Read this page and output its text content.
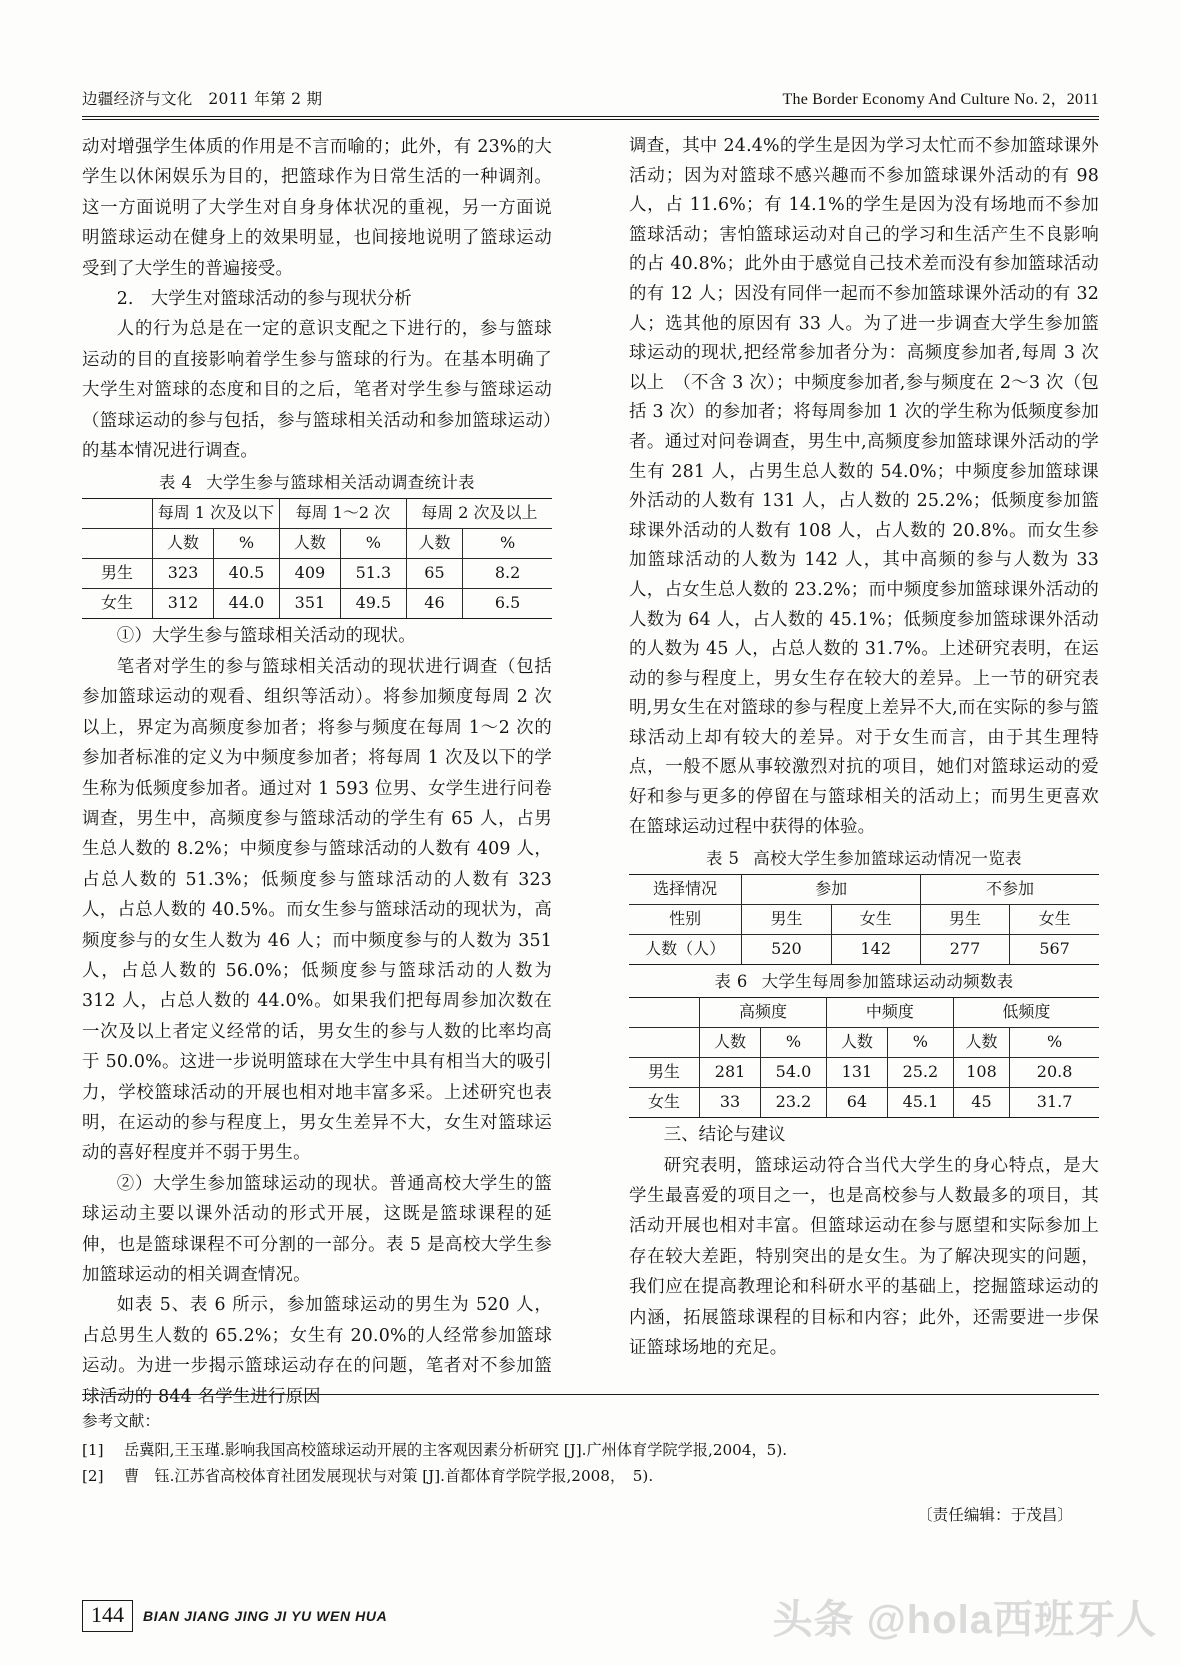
边疆经济与文化　2011 年第 2 期	The Border Economy And Culture No. 2，2011

动对增强学生体质的作用是不言而喻的；此外，有 23%的大学生以休闲娱乐为目的，把篮球作为日常生活的一种调剂。这一方面说明了大学生对自身身体状况的重视，另一方面说明篮球运动在健身上的效果明显，也间接地说明了篮球运动受到了大学生的普遍接受。

2.　大学生对篮球活动的参与现状分析

人的行为总是在一定的意识支配之下进行的，参与篮球运动的目的直接影响着学生参与篮球的行为。在基本明确了大学生对篮球的态度和目的之后，笔者对学生参与篮球运动（篮球运动的参与包括，参与篮球相关活动和参加篮球运动）的基本情况进行调查。

表 4 大学生参与篮球相关活动调查统计表
	每周 1 次及以下		每周 1～2 次		每周 2 次及以上	
	人数	%	人数	%	人数	%
男生	323	40.5	409	51.3	65	8.2
女生	312	44.0	351	49.5	46	6.5

①）大学生参与篮球相关活动的现状。

笔者对学生的参与篮球相关活动的现状进行调查（包括参加篮球运动的观看、组织等活动）。将参加频度每周 2 次以上，界定为高频度参加者；将参与频度在每周 1～2 次的参加者标准的定义为中频度参加者；将每周 1 次及以下的学生称为低频度参加者。通过对 1 593 位男、女学生进行问卷调查，男生中，高频度参与篮球活动的学生有 65 人，占男生总人数的 8.2%；中频度参与篮球活动的人数有 409 人，占总人数的 51.3%；低频度参与篮球活动的人数有 323 人，占总人数的 40.5%。而女生参与篮球活动的现状为，高频度参与的女生人数为 46 人；而中频度参与的人数为 351 人，占总人数的 56.0%；低频度参与篮球活动的人数为 312 人，占总人数的 44.0%。如果我们把每周参加次数在一次及以上者定义经常的话，男女生的参与人数的比率均高于 50.0%。这进一步说明篮球在大学生中具有相当大的吸引力，学校篮球活动的开展也相对地丰富多采。上述研究也表明，在运动的参与程度上，男女生差异不大，女生对篮球运动的喜好程度并不弱于男生。

②）大学生参加篮球运动的现状。普通高校大学生的篮球运动主要以课外活动的形式开展，这既是篮球课程的延伸，也是篮球课程不可分割的一部分。表 5 是高校大学生参加篮球运动的相关调查情况。

如表 5、表 6 所示，参加篮球运动的男生为 520 人，占总男生人数的 65.2%；女生有 20.0%的人经常参加篮球运动。为进一步揭示篮球运动存在的问题，笔者对不参加篮球活动的 844 名学生进行原因

调查，其中 24.4%的学生是因为学习太忙而不参加篮球课外活动；因为对篮球不感兴趣而不参加篮球课外活动的有 98 人，占 11.6%；有 14.1%的学生是因为没有场地而不参加篮球活动；害怕篮球运动对自己的学习和生活产生不良影响的占 40.8%；此外由于感觉自己技术差而没有参加篮球活动的有 12 人；因没有同伴一起而不参加篮球课外活动的有 32 人；选其他的原因有 33 人。为了进一步调查大学生参加篮球运动的现状,把经常参加者分为：高频度参加者,每周 3 次以上　（不含 3 次）；中频度参加者,参与频度在 2～3 次（包括 3 次）的参加者；将每周参加 1 次的学生称为低频度参加者。通过对问卷调查，男生中,高频度参加篮球课外活动的学生有 281 人，占男生总人数的 54.0%；中频度参加篮球课外活动的人数有 131 人，占人数的 25.2%；低频度参加篮球课外活动的人数有 108 人，占人数的 20.8%。而女生参加篮球活动的人数为 142 人，其中高频的参与人数为 33 人，占女生总人数的 23.2%；而中频度参加篮球课外活动的人数为 64 人，占人数的 45.1%；低频度参加篮球课外活动的人数为 45 人，占总人数的 31.7%。上述研究表明，在运动的参与程度上，男女生存在较大的差异。上一节的研究表明,男女生在对篮球的参与程度上差异不大,而在实际的参与篮球活动上却有较大的差异。对于女生而言，由于其生理特点，一般不愿从事较激烈对抗的项目，她们对篮球运动的爱好和参与更多的停留在与篮球相关的活动上；而男生更喜欢在篮球运动过程中获得的体验。

表 5 高校大学生参加篮球运动情况一览表
选择情况	参加		不参加	
性别	男生	女生	男生	女生
人数（人）	520	142	277	567
表 6 大学生每周参加篮球运动动频数表
	高频度		中频度		低频度	
	人数	%	人数	%	人数	%
男生	281	54.0	131	25.2	108	20.8
女生	33	23.2	64	45.1	45	31.7
三、结论与建议

研究表明，篮球运动符合当代大学生的身心特点，是大学生最喜爱的项目之一，也是高校参与人数最多的项目，其活动开展也相对丰富。但篮球运动在参与愿望和实际参加上存在较大差距，特别突出的是女生。为了解决现实的问题，我们应在提高教理论和科研水平的基础上，挖掘篮球运动的内涵，拓展篮球课程的目标和内容；此外，还需要进一步保证篮球场地的充足。

参考文献：
[1]	岳冀阳,王玉瑾.影响我国高校篮球运动开展的主客观因素分析研究 [J].广州体育学院学报,2004，5).
[2]	曹　钰.江苏省高校体育社团发展现状与对策 [J].首都体育学院学报,2008，　5).
〔责任编辑：于茂昌〕
144	BIAN JIANG JING JI YU WEN HUA	头条 @hola西班牙人
